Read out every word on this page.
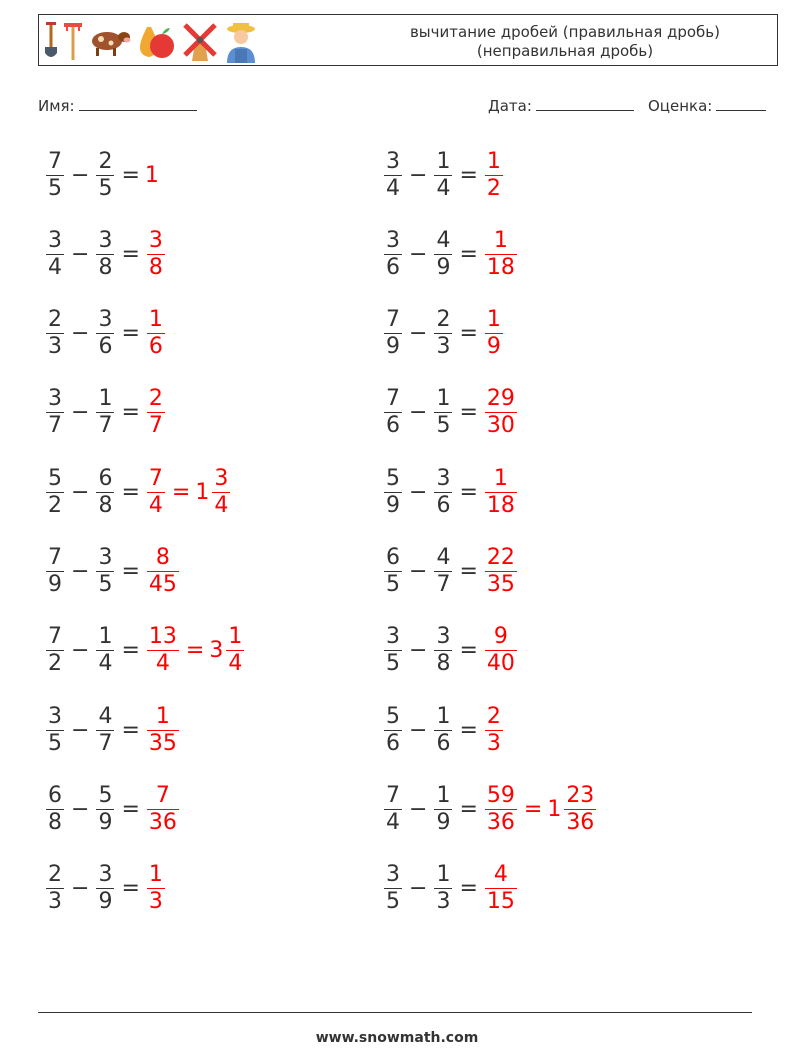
вычитание дробей (правильная дробь)
(неправильная дробь)
Имя:	Дата:	Оценка:
$\frac{7}{5} - \frac{2}{5} = 1$	$\frac{3}{4} - \frac{1}{4} = \frac{1}{2}$
$\frac{3}{4} - \frac{3}{8} = \frac{3}{8}$	$\frac{3}{6} - \frac{4}{9} = \frac{1}{18}$
$\frac{2}{3} - \frac{3}{6} = \frac{1}{6}$	$\frac{7}{9} - \frac{2}{3} = \frac{1}{9}$
$\frac{3}{7} - \frac{1}{7} = \frac{2}{7}$	$\frac{7}{6} - \frac{1}{5} = \frac{29}{30}$
$\frac{5}{2} - \frac{6}{8} = \frac{7}{4} = 1 \frac{3}{4}$	$\frac{5}{9} - \frac{3}{6} = \frac{1}{18}$
$\frac{7}{9} - \frac{3}{5} = \frac{8}{45}$	$\frac{6}{5} - \frac{4}{7} = \frac{22}{35}$
$\frac{7}{2} - \frac{1}{4} = \frac{13}{4} = 3 \frac{1}{4}$	$\frac{3}{5} - \frac{3}{8} = \frac{9}{40}$
$\frac{3}{5} - \frac{4}{7} = \frac{1}{35}$	$\frac{5}{6} - \frac{1}{6} = \frac{2}{3}$
$\frac{6}{8} - \frac{5}{9} = \frac{7}{36}$	$\frac{7}{4} - \frac{1}{9} = \frac{59}{36} = 1 \frac{23}{36}$
$\frac{2}{3} - \frac{3}{9} = \frac{1}{3}$	$\frac{3}{5} - \frac{1}{3} = \frac{4}{15}$
www.snowmath.com
